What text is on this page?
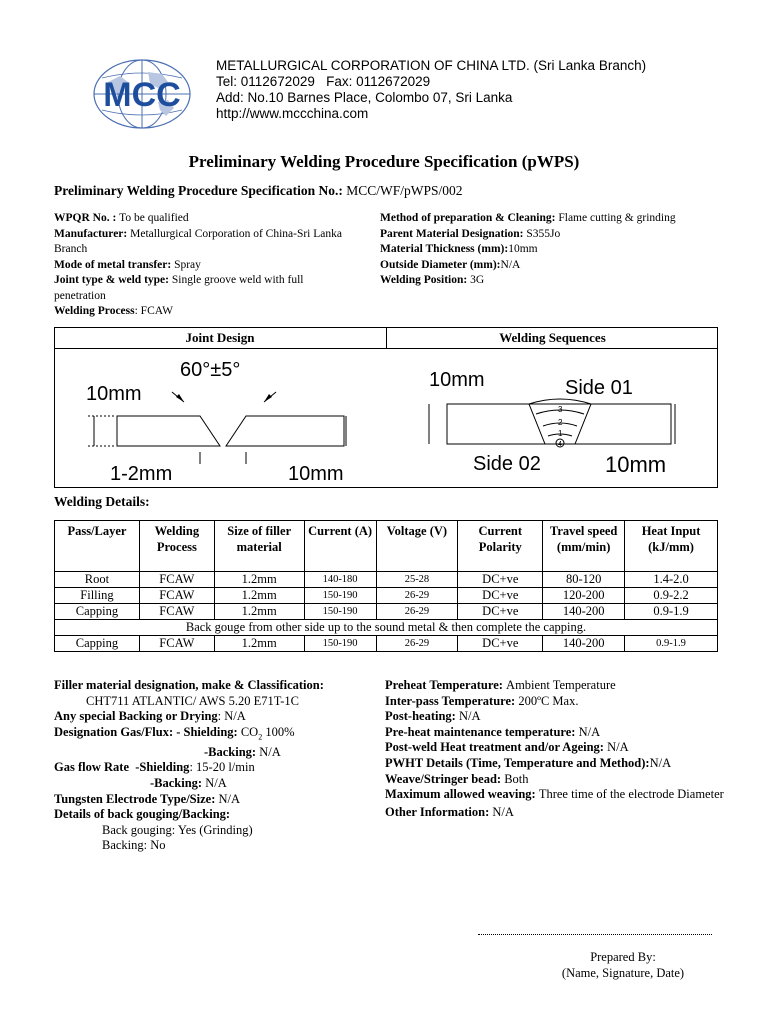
MCC
METALLURGICAL CORPORATION OF CHINA LTD. (Sri Lanka Branch)
Tel: 0112672029   Fax: 0112672029
Add: No.10 Barnes Place, Colombo 07, Sri Lanka
http://www.mccchina.com
Preliminary Welding Procedure Specification (pWPS)
Preliminary Welding Procedure Specification No.: MCC/WF/pWPS/002

WPQR No. : To be qualified

Manufacturer: Metallurgical Corporation of China-Sri Lanka Branch

Mode of metal transfer: Spray

Joint type & weld type: Single groove weld with full penetration

Welding Process: FCAW

Method of preparation & Cleaning: Flame cutting & grinding

Parent Material Designation: S355Jo

Material Thickness (mm):10mm

Outside Diameter (mm):N/A

Welding Position: 3G

Joint Design	Welding Sequences
60°±5°
10mm
1-2mm	10mm
3
2
1
4
10mm	Side 01
Side 02	10mm
Welding Details:
Pass/Layer	Welding Process	Size of filler material	Current (A)	Voltage (V)	Current Polarity	Travel speed (mm/min)	Heat Input (kJ/mm)
Root	FCAW	1.2mm	140-180	25-28	DC+ve	80-120	1.4-2.0
Filling	FCAW	1.2mm	150-190	26-29	DC+ve	120-200	0.9-2.2
Capping	FCAW	1.2mm	150-190	26-29	DC+ve	140-200	0.9-1.9
Back gouge from other side up to the sound metal & then complete the capping.							
Capping	FCAW	1.2mm	150-190	26-29	DC+ve	140-200	0.9-1.9

Filler material designation, make & Classification:

CHT711 ATLANTIC/ AWS 5.20 E71T-1C

Any special Backing or Drying: N/A

Designation Gas/Flux: - Shielding: $CO_2$ 100%

-Backing: N/A

Gas flow Rate  -Shielding: 15-20 l/min

-Backing: N/A

Tungsten Electrode Type/Size: N/A

Details of back gouging/Backing:

Back gouging: Yes (Grinding)

Backing: No

Preheat Temperature: Ambient Temperature

Inter-pass Temperature: 200ºC Max.

Post-heating: N/A

Pre-heat maintenance temperature: N/A

Post-weld Heat treatment and/or Ageing: N/A

PWHT Details (Time, Temperature and Method):N/A

Weave/Stringer bead: Both

Maximum allowed weaving: Three time of the electrode Diameter

Other Information: N/A

Prepared By:
(Name, Signature, Date)
